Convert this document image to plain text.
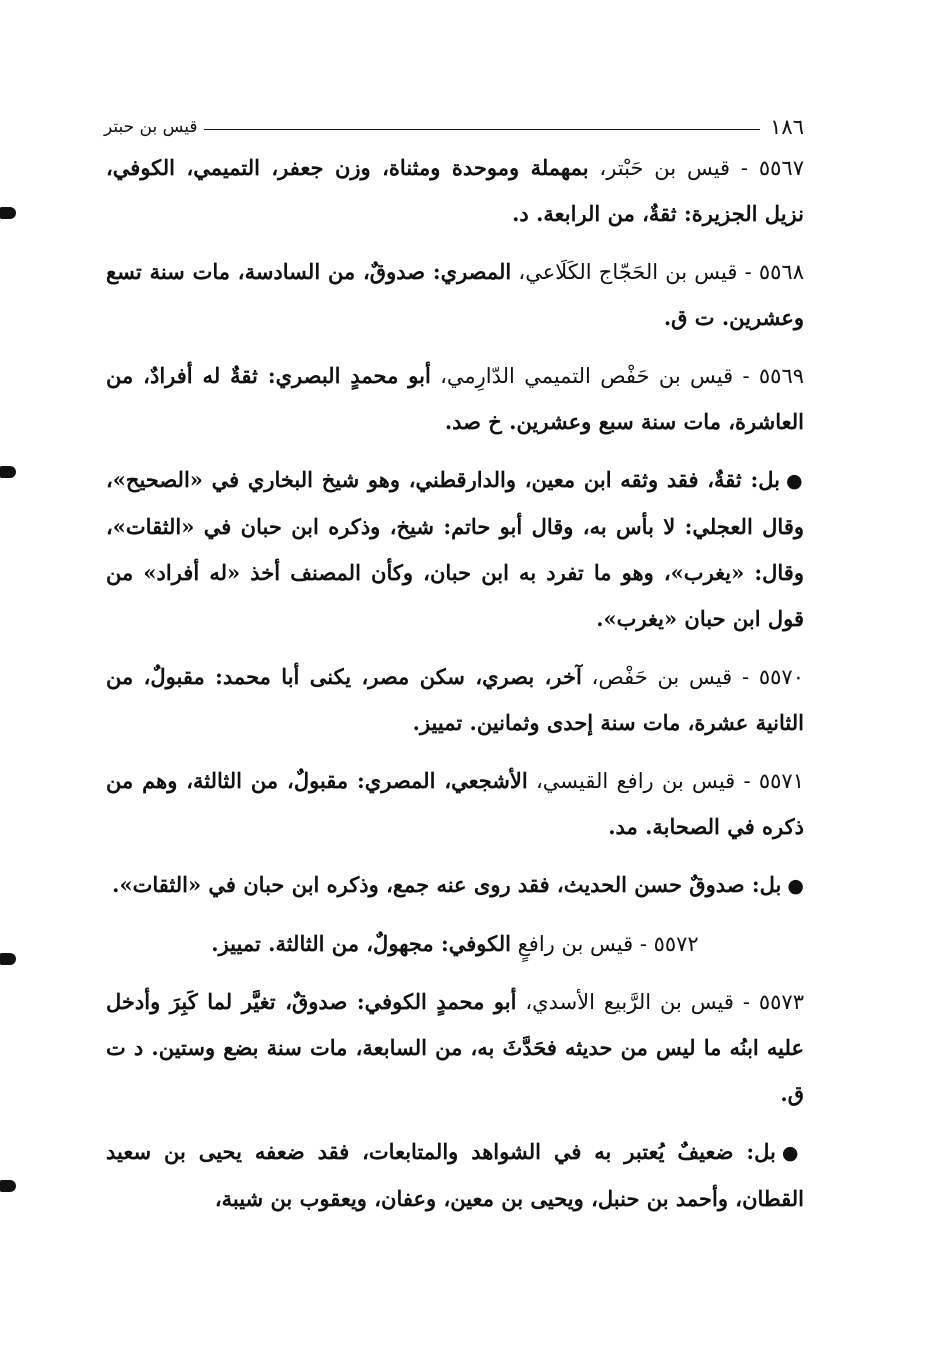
١٨٦
قيس بن حبتر

٥٥٦٧ - قيس بن حَبْتر، بمهملة وموحدة ومثناة، وزن جعفر، التميمي، الكوفي، نزيل الجزيرة: ثقةٌ، من الرابعة. د.

٥٥٦٨ - قيس بن الحَجّاج الكَلَاعي، المصري: صدوقٌ، من السادسة، مات سنة تسع وعشرين. ت ق.

٥٥٦٩ - قيس بن حَفْص التميمي الدّارِمي، أبو محمدٍ البصري: ثقةٌ له أفرادٌ، من العاشرة، مات سنة سبع وعشرين. خ صد.

●بل: ثقةٌ، فقد وثقه ابن معين، والدارقطني، وهو شيخ البخاري في «الصحيح»، وقال العجلي: لا بأس به، وقال أبو حاتم: شيخ، وذكره ابن حبان في «الثقات»، وقال: «يغرب»، وهو ما تفرد به ابن حبان، وكأن المصنف أخذ «له أفراد» من قول ابن حبان «يغرب».

٥٥٧٠ - قيس بن حَفْص، آخر، بصري، سكن مصر، يكنى أبا محمد: مقبولٌ، من الثانية عشرة، مات سنة إحدى وثمانين. تمييز.

٥٥٧١ - قيس بن رافع القيسي، الأشجعي، المصري: مقبولٌ، من الثالثة، وهم من ذكره في الصحابة. مد.

●بل: صدوقٌ حسن الحديث، فقد روى عنه جمع، وذكره ابن حبان في «الثقات».

٥٥٧٢ - قيس بن رافعٍ الكوفي: مجهولٌ، من الثالثة. تمييز.

٥٥٧٣ - قيس بن الرَّبيع الأسدي، أبو محمدٍ الكوفي: صدوقٌ، تغيَّر لما كَبِرَ وأدخل عليه ابنُه ما ليس من حديثه فحَدَّثَ به، من السابعة، مات سنة بضع وستين. د ت ق.

●بل: ضعيفٌ يُعتبر به في الشواهد والمتابعات، فقد ضعفه يحيى بن سعيد القطان، وأحمد بن حنبل، ويحيى بن معين، وعفان، ويعقوب بن شيبة،
